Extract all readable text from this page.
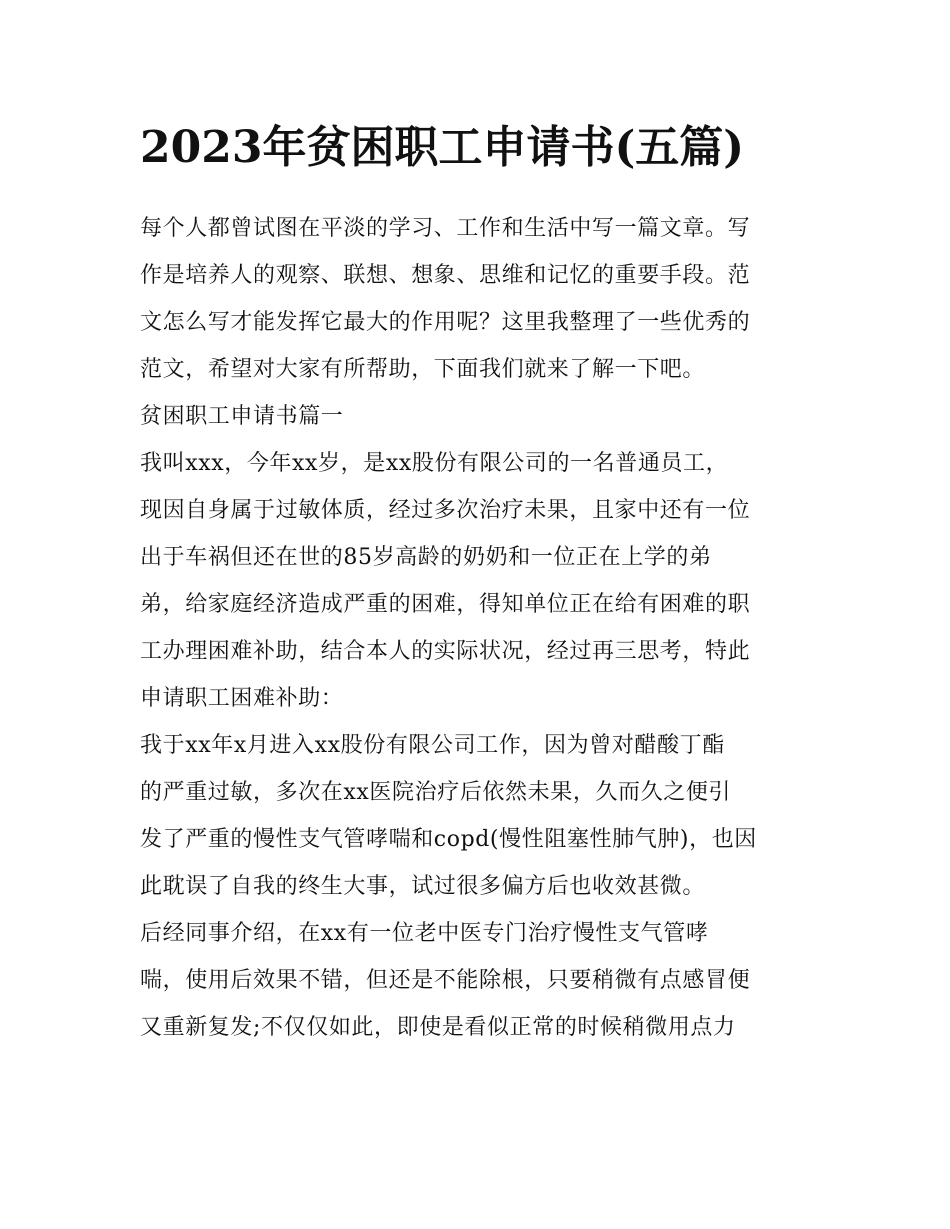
2023年贫困职工申请书(五篇)
每个人都曾试图在平淡的学习、工作和生活中写一篇文章。写
作是培养人的观察、联想、想象、思维和记忆的重要手段。范
文怎么写才能发挥它最大的作用呢？这里我整理了一些优秀的
范文，希望对大家有所帮助，下面我们就来了解一下吧。
贫困职工申请书篇一
我叫xxx，今年xx岁，是xx股份有限公司的一名普通员工，
现因自身属于过敏体质，经过多次治疗未果，且家中还有一位
出于车祸但还在世的85岁高龄的奶奶和一位正在上学的弟
弟，给家庭经济造成严重的困难，得知单位正在给有困难的职
工办理困难补助，结合本人的实际状况，经过再三思考，特此
申请职工困难补助：
我于xx年x月进入xx股份有限公司工作，因为曾对醋酸丁酯
的严重过敏，多次在xx医院治疗后依然未果，久而久之便引
发了严重的慢性支气管哮喘和copd(慢性阻塞性肺气肿)，也因
此耽误了自我的终生大事，试过很多偏方后也收效甚微。
后经同事介绍，在xx有一位老中医专门治疗慢性支气管哮
喘，使用后效果不错，但还是不能除根，只要稍微有点感冒便
又重新复发;不仅仅如此，即使是看似正常的时候稍微用点力
